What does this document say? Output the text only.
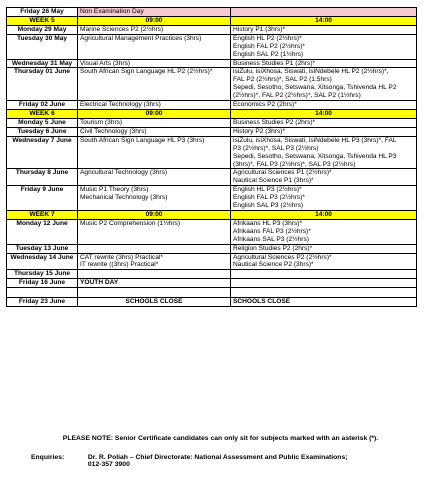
Friday 26 May	Non Examination Day	

WEEK 5	09:00	14:00
Monday 29 May	Marine Sciences P2 (2½hrs)	History P1 (3hrs)*

Tuesday 30 May	Agricultural Management Practices (3hrs)	English HL P2 (2½hrs)*
English FAL P2 (2½hrs)*
English SAL P2 (1½hrs)

Wednesday 31 May	Visual Arts (3hrs)	Business Studies P1 (2hrs)*

Thursday 01 June	South African Sign Language HL P2 (2½hrs)*	isiZulu, isiXhosa, Siswati, isiNdebele HL P2 (2½hrs)*,
FAL P2 (2½hrs)*, SAL P2 (1.5hrs)
Sepedi, Sesotho, Setswana, Xitsonga, Tshivenda HL P2
(2½hrs)*, FAL P2 (2½hrs)*, SAL P2 (1½hrs)

Friday 02 June	Electrical Technology (3hrs)	Economics P2 (2hrs)*

WEEK 6	09:00	14:00
Monday 5 June	Tourism (3hrs)	Business Studies P2 (2hrs)*

Tuesday 6 June	Civil Technology (3hrs)	History P2 (3hrs)*

Wednesday 7 June	South African Sign Language HL P3 (3hrs)	isiZulu, isiXhosa, Siswati, isiNdebele HL P3 (3hrs)*, FAL
P3 (2½hrs)*, SAL P3 (2½hrs)
Sepedi, Sesotho, Setswana, Xitsonga, Tshivenda HL P3
(3hrs)*, FAL P3 (2½hrs)*, SAL P3 (2½hrs)

Thursday 8 June	Agricultural Technology (3hrs)	Agricultural Sciences P1 (2½hrs)*
Nautical Science P1 (3hrs)*

Friday 9 June	Music P1 Theory (3hrs)
Mechanical Technology (3hrs)	English HL P3 (2½hrs)*
English FAL P3 (2½hrs)*
English SAL P3 (2½hrs)

WEEK 7	09:00	14:00
Monday 12 June	Music P2 Comprehension (1½hrs)	Afrikaans HL P3 (3hrs)*
Afrikaans FAL P3 (2½hrs)*
Afrikaans SAL P3 (2½hrs)

Tuesday 13 June		Religion Studies P2 (2hrs)*

Wednesday 14 June	CAT rewrite (3hrs) Practical*
IT rewrite ((3hrs) Practical*	Agricultural Sciences P2 (2½hrs)*
Nautical Science P2 (3hrs)*

Thursday 15 June		
Friday 16 June	YOUTH DAY	

Friday 23 June	SCHOOLS CLOSE	SCHOOLS CLOSE
PLEASE NOTE: Senior Certificate candidates can only sit for subjects marked with an asterisk (*).
Enquiries:	Dr. R. Poliah – Chief Directorate: National Assessment and Public Examinations;
012-357 3900
